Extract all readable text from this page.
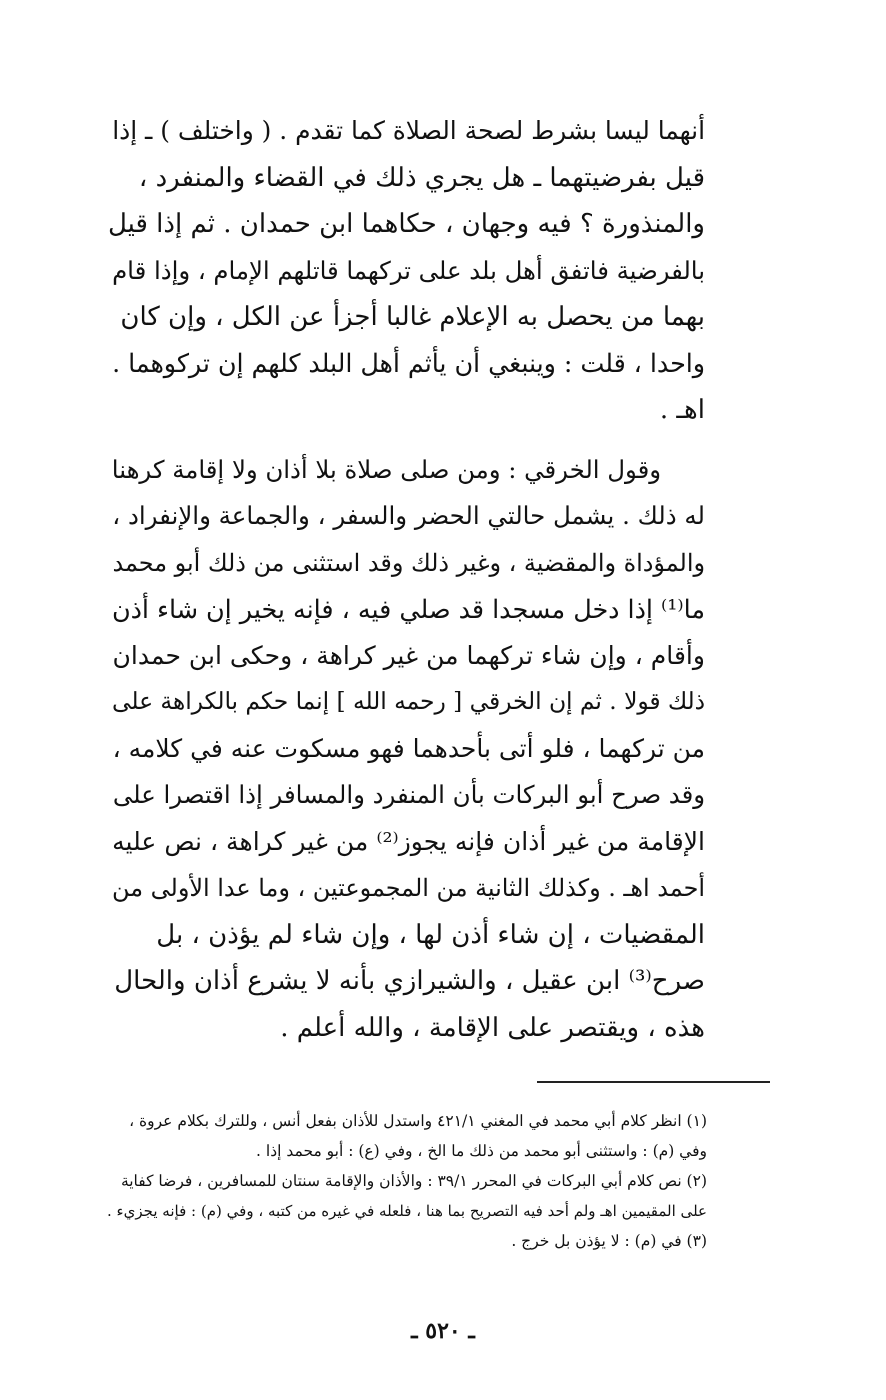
أنهما ليسا بشرط لصحة الصلاة كما تقدم . ( واختلف ) ـ إذا
قيل بفرضيتهما ـ هل يجري ذلك في القضاء والمنفرد ،
والمنذورة ؟ فيه وجهان ، حكاهما ابن حمدان . ثم إذا قيل
بالفرضية فاتفق أهل بلد على تركهما قاتلهم الإمام ، وإذا قام
بهما من يحصل به الإعلام غالبا أجزأ عن الكل ، وإن كان
واحدا ، قلت : وينبغي أن يأثم أهل البلد كلهم إن تركوهما .
اهـ .

وقول الخرقي : ومن صلى صلاة بلا أذان ولا إقامة كرهنا
له ذلك . يشمل حالتي الحضر والسفر ، والجماعة والإنفراد ،
والمؤداة والمقضية ، وغير ذلك وقد استثنى من ذلك أبو محمد
ما⁽¹⁾ إذا دخل مسجدا قد صلي فيه ، فإنه يخير إن شاء أذن
وأقام ، وإن شاء تركهما من غير كراهة ، وحكى ابن حمدان
ذلك قولا . ثم إن الخرقي [ رحمه الله ] إنما حكم بالكراهة على
من تركهما ، فلو أتى بأحدهما فهو مسكوت عنه في كلامه ،
وقد صرح أبو البركات بأن المنفرد والمسافر إذا اقتصرا على
الإقامة من غير أذان فإنه يجوز⁽²⁾ من غير كراهة ، نص عليه
أحمد اهـ . وكذلك الثانية من المجموعتين ، وما عدا الأولى من
المقضيات ، إن شاء أذن لها ، وإن شاء لم يؤذن ، بل
صرح⁽³⁾ ابن عقيل ، والشيرازي بأنه لا يشرع أذان والحال
هذه ، ويقتصر على الإقامة ، والله أعلم .

(١) انظر كلام أبي محمد في المغني ٤٢١/١ واستدل للأذان بفعل أنس ، وللترك بكلام عروة ،
وفي (م) : واستثنى أبو محمد من ذلك ما الخ ، وفي (ع) : أبو محمد إذا .
(٢) نص كلام أبي البركات في المحرر ٣٩/١ : والأذان والإقامة سنتان للمسافرين ، فرضا كفاية
على المقيمين اهـ ولم أحد فيه التصريح بما هنا ، فلعله في غيره من كتبه ، وفي (م) : فإنه يجزيء .
(٣) في (م) : لا يؤذن بل خرج .
ـ ٥٢٠ ـ
